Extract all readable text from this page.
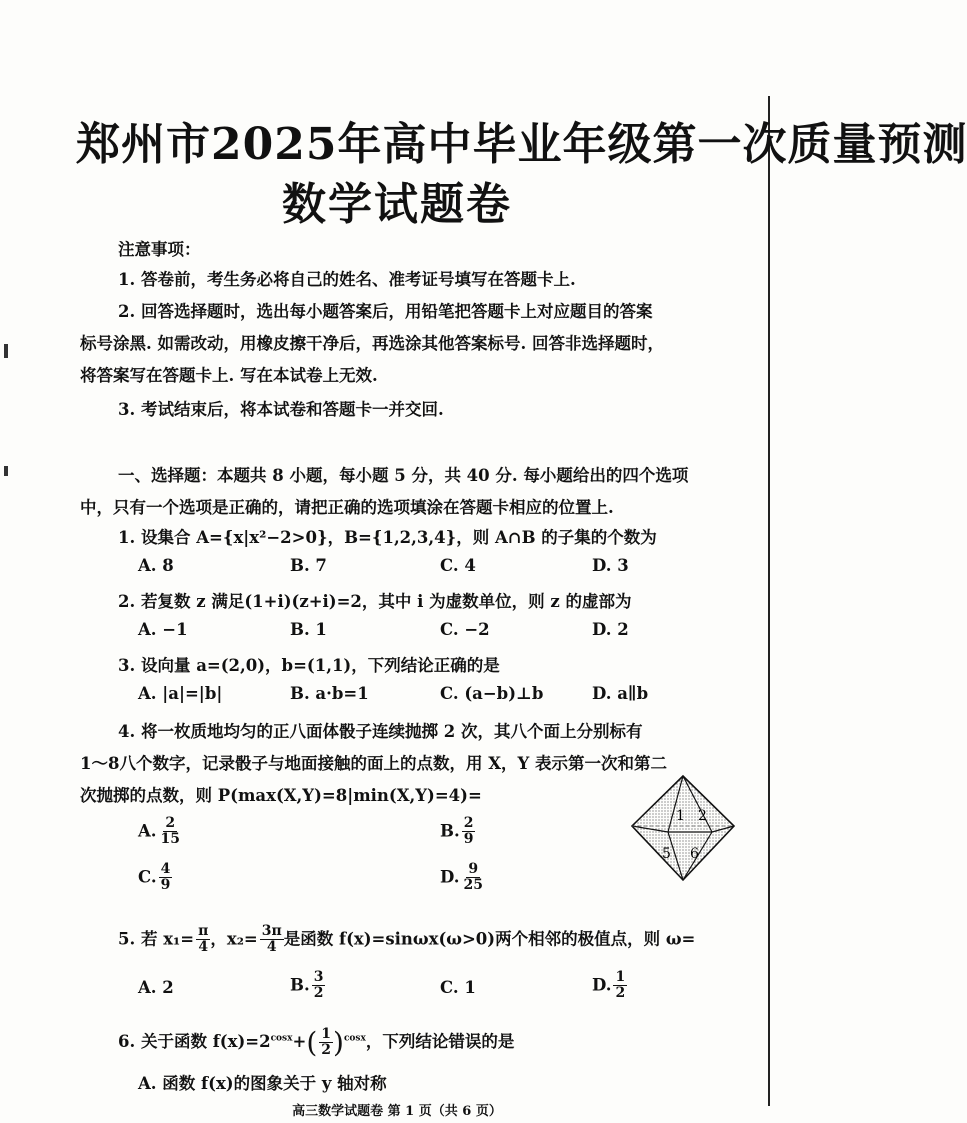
郑州市2025年高中毕业年级第一次质量预测
数学试题卷
注意事项：
1. 答卷前，考生务必将自己的姓名、准考证号填写在答题卡上.
2. 回答选择题时，选出每小题答案后，用铅笔把答题卡上对应题目的答案
标号涂黑. 如需改动，用橡皮擦干净后，再选涂其他答案标号. 回答非选择题时，
将答案写在答题卡上. 写在本试卷上无效.
3. 考试结束后，将本试卷和答题卡一并交回.
一、选择题：本题共 8 小题，每小题 5 分，共 40 分. 每小题给出的四个选项
中，只有一个选项是正确的，请把正确的选项填涂在答题卡相应的位置上.
1. 设集合 A={x|x²−2>0}，B={1,2,3,4}，则 A∩B 的子集的个数为
A. 8	B. 7	C. 4	D. 3
2. 若复数 z 满足(1+i)(z+i)=2，其中 i 为虚数单位，则 z 的虚部为
A. −1	B. 1	C. −2	D. 2
3. 设向量 a=(2,0)，b=(1,1)，下列结论正确的是
A. |a|=|b|	B. a·b=1	C. (a−b)⊥b	D. a∥b
4. 将一枚质地均匀的正八面体骰子连续抛掷 2 次，其八个面上分别标有
1～8八个数字，记录骰子与地面接触的面上的点数，用 X，Y 表示第一次和第二
次抛掷的点数，则 P(max(X,Y)=8|min(X,Y)=4)=
A. $\frac{2}{15}$	B. $\frac{2}{9}$
C. $\frac{4}{9}$	D. $\frac{9}{25}$
1 2
5 6
5. 若 $x_1= \frac{\pi}{4}$ ，$x_2= \frac{3\pi}{4}$ 是函数 f(x)=sinωx(ω>0)两个相邻的极值点，则 ω=
A. 2	B. $\frac{3}{2}$	C. 1	D. $\frac{1}{2}$
6. 关于函数 $f(x)=2^{cosx}+( \frac{1}{2} )^{cosx}$，下列结论错误的是
A. 函数 f(x)的图象关于 y 轴对称
高三数学试题卷 第 1 页（共 6 页）
